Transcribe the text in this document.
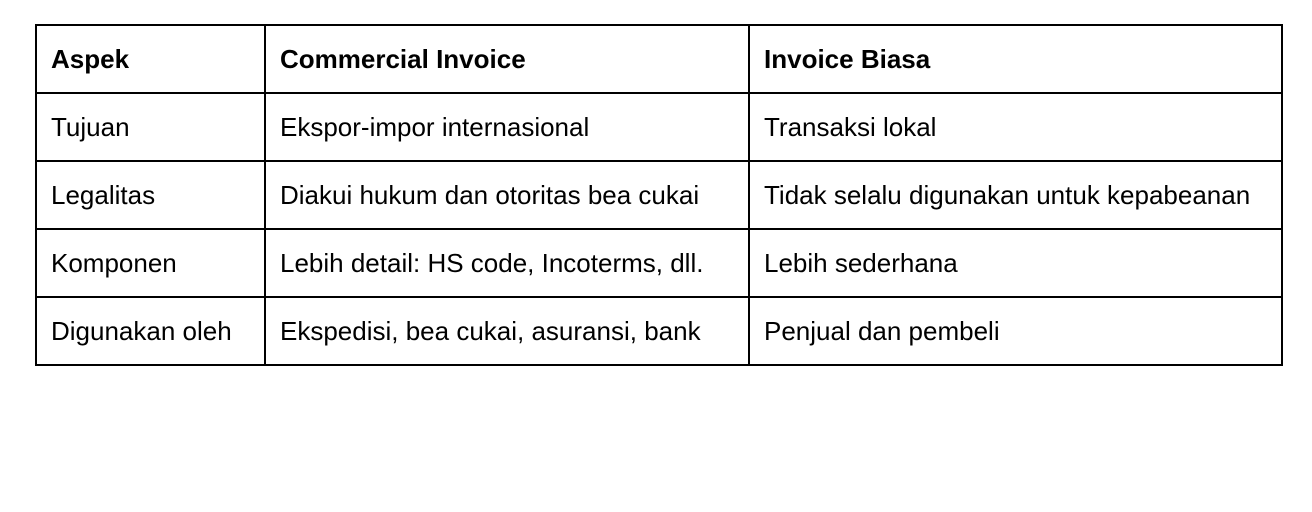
Aspek	Commercial Invoice	Invoice Biasa
Tujuan	Ekspor-impor internasional	Transaksi lokal
Legalitas	Diakui hukum dan otoritas bea cukai	Tidak selalu digunakan untuk kepabeanan
Komponen	Lebih detail: HS code, Incoterms, dll.	Lebih sederhana
Digunakan oleh	Ekspedisi, bea cukai, asuransi, bank	Penjual dan pembeli
